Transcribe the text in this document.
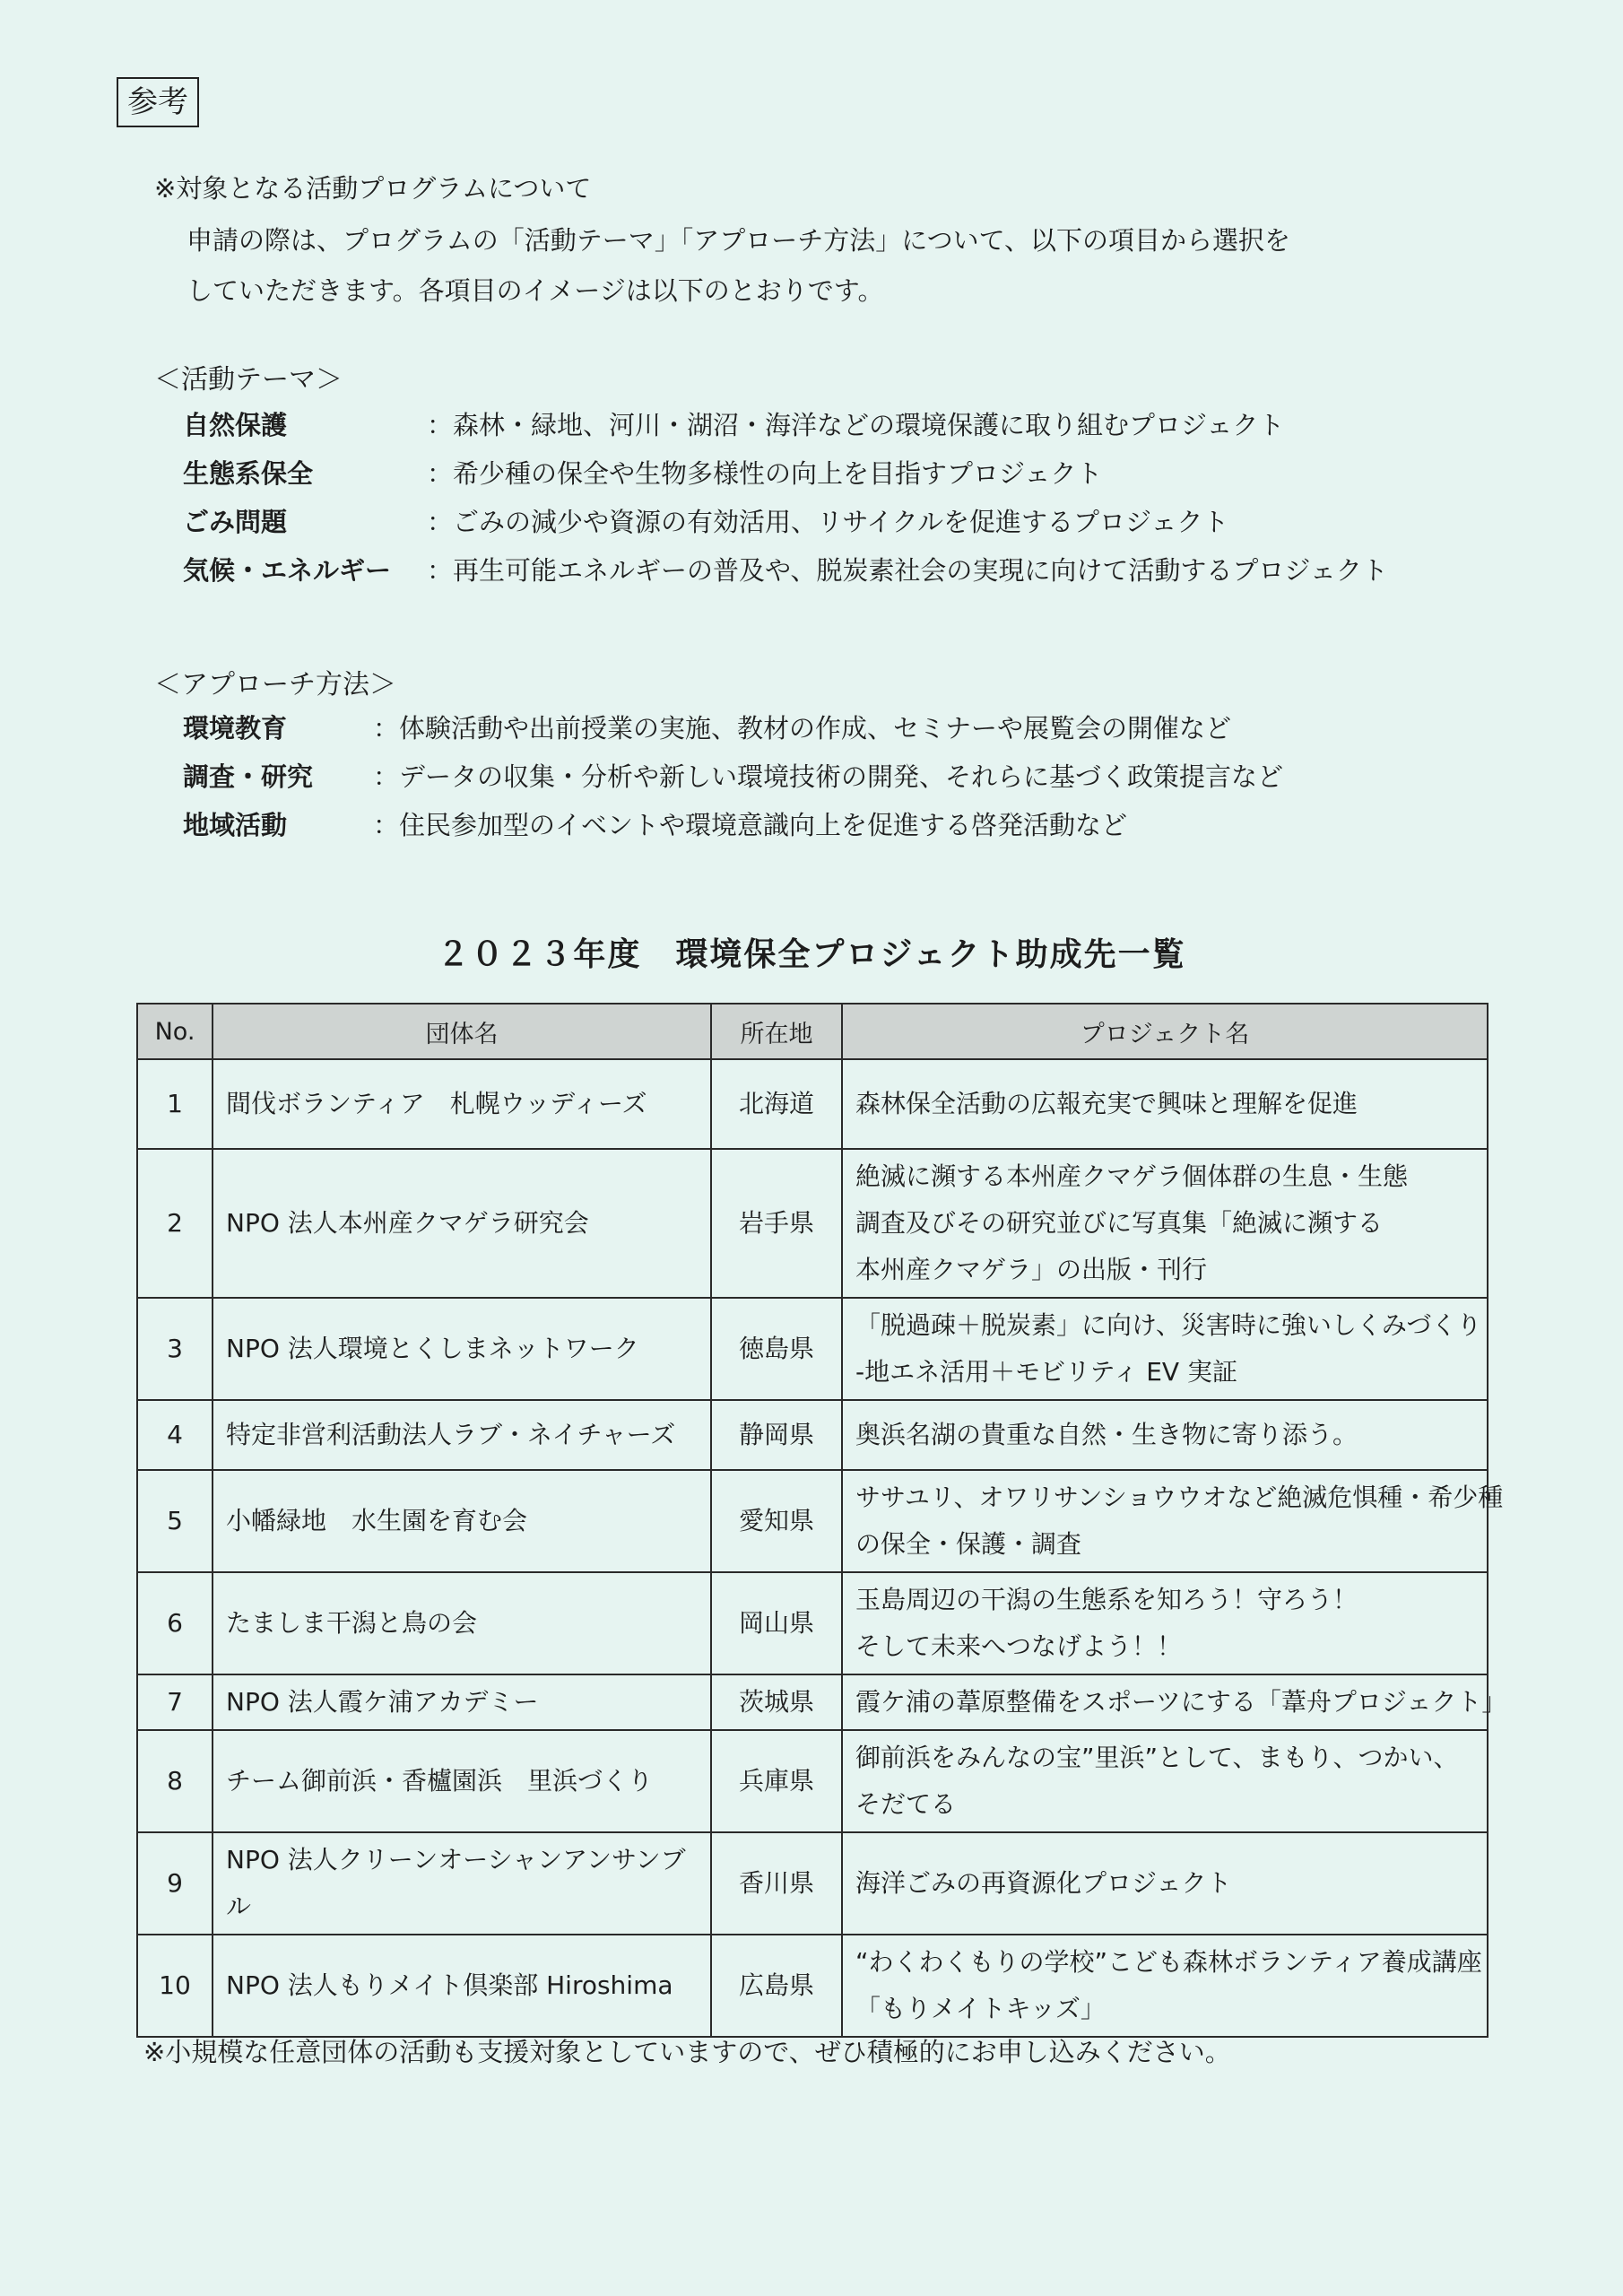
参考
※対象となる活動プログラムについて
申請の際は、プログラムの「活動テーマ」「アプローチ方法」について、以下の項目から選択を
していただきます。各項目のイメージは以下のとおりです。
＜活動テーマ＞
自然保護	：森林・緑地、河川・湖沼・海洋などの環境保護に取り組むプロジェクト
生態系保全	：希少種の保全や生物多様性の向上を目指すプロジェクト
ごみ問題	：ごみの減少や資源の有効活用、リサイクルを促進するプロジェクト
気候・エネルギー	：再生可能エネルギーの普及や、脱炭素社会の実現に向けて活動するプロジェクト
＜アプローチ方法＞
環境教育	：体験活動や出前授業の実施、教材の作成、セミナーや展覧会の開催など
調査・研究	：データの収集・分析や新しい環境技術の開発、それらに基づく政策提言など
地域活動	：住民参加型のイベントや環境意識向上を促進する啓発活動など
２０２３年度　環境保全プロジェクト助成先一覧
No.	団体名	所在地	プロジェクト名
1	間伐ボランティア　札幌ウッディーズ	北海道	森林保全活動の広報充実で興味と理解を促進

2	NPO 法人本州産クマゲラ研究会	岩手県	絶滅に瀕する本州産クマゲラ個体群の生息・生態
調査及びその研究並びに写真集「絶滅に瀕する
本州産クマゲラ」の出版・刊行

3	NPO 法人環境とくしまネットワーク	徳島県	「脱過疎＋脱炭素」に向け、災害時に強いしくみづくり
-地エネ活用＋モビリティ EV 実証

4	特定非営利活動法人ラブ・ネイチャーズ	静岡県	奥浜名湖の貴重な自然・生き物に寄り添う。

5	小幡緑地　水生園を育む会	愛知県	ササユリ、オワリサンショウウオなど絶滅危惧種・希少種
の保全・保護・調査

6	たましま干潟と鳥の会	岡山県	玉島周辺の干潟の生態系を知ろう！守ろう！
そして未来へつなげよう！！

7	NPO 法人霞ケ浦アカデミー	茨城県	霞ケ浦の葦原整備をスポーツにする「葦舟プロジェクト」

8	チーム御前浜・香櫨園浜　里浜づくり	兵庫県	御前浜をみんなの宝”里浜”として、まもり、つかい、
そだてる

9	NPO 法人クリーンオーシャンアンサンブル	香川県	海洋ごみの再資源化プロジェクト

10	NPO 法人もりメイト倶楽部 Hiroshima	広島県	“わくわくもりの学校”こども森林ボランティア養成講座
「もりメイトキッズ」
※小規模な任意団体の活動も支援対象としていますので、ぜひ積極的にお申し込みください。
